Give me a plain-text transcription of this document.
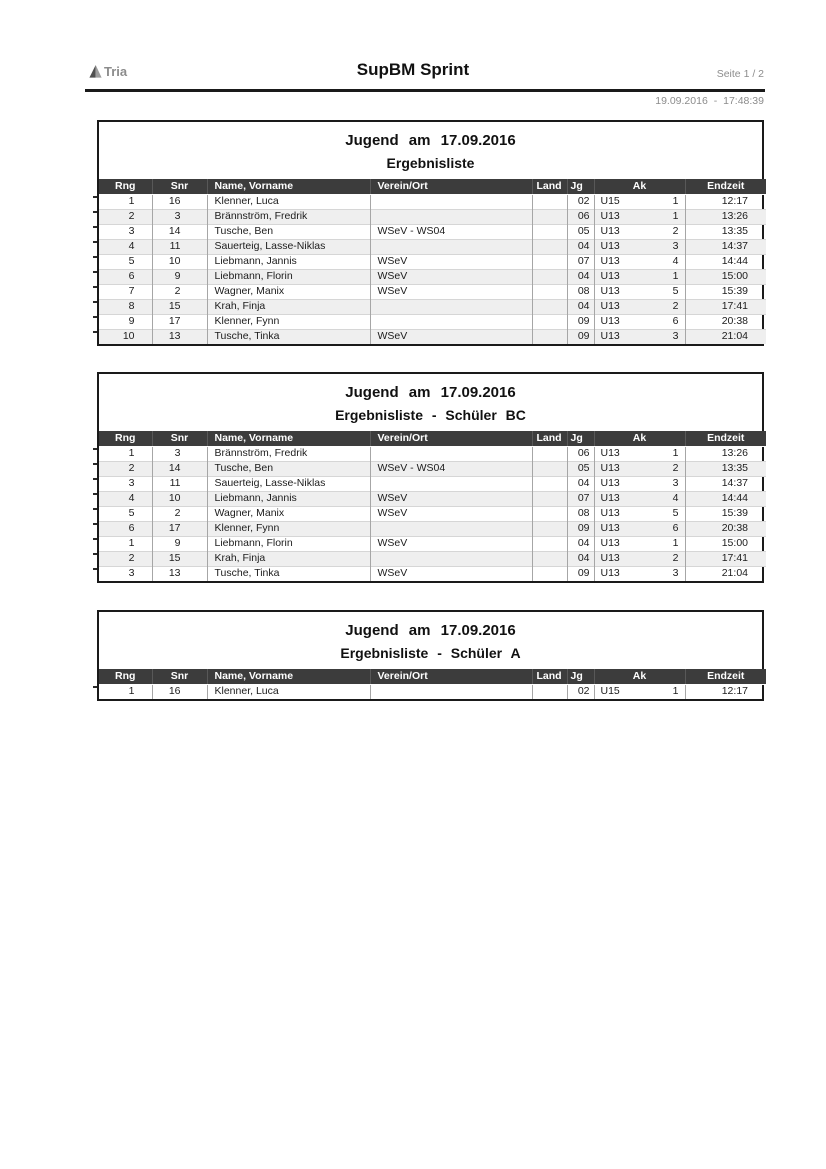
Tria	SupBM Sprint	Seite 1 / 2
19.09.2016 - 17:48:39
Jugend am 17.09.2016
Ergebnisliste
Rng	Snr	Name, Vorname	Verein/Ort	Land	Jg	Ak		Endzeit
1	16	Klenner, Luca			02	U15	1	12:17
2	3	Brännström, Fredrik			06	U13	1	13:26
3	14	Tusche, Ben	WSeV - WS04		05	U13	2	13:35
4	11	Sauerteig, Lasse-Niklas			04	U13	3	14:37
5	10	Liebmann, Jannis	WSeV		07	U13	4	14:44
6	9	Liebmann, Florin	WSeV		04	U13	1	15:00
7	2	Wagner, Manix	WSeV		08	U13	5	15:39
8	15	Krah, Finja			04	U13	2	17:41
9	17	Klenner, Fynn			09	U13	6	20:38
10	13	Tusche, Tinka	WSeV		09	U13	3	21:04
Jugend am 17.09.2016
Ergebnisliste - Schüler BC
Rng	Snr	Name, Vorname	Verein/Ort	Land	Jg	Ak		Endzeit
1	3	Brännström, Fredrik			06	U13	1	13:26
2	14	Tusche, Ben	WSeV - WS04		05	U13	2	13:35
3	11	Sauerteig, Lasse-Niklas			04	U13	3	14:37
4	10	Liebmann, Jannis	WSeV		07	U13	4	14:44
5	2	Wagner, Manix	WSeV		08	U13	5	15:39
6	17	Klenner, Fynn			09	U13	6	20:38
1	9	Liebmann, Florin	WSeV		04	U13	1	15:00
2	15	Krah, Finja			04	U13	2	17:41
3	13	Tusche, Tinka	WSeV		09	U13	3	21:04
Jugend am 17.09.2016
Ergebnisliste - Schüler A
Rng	Snr	Name, Vorname	Verein/Ort	Land	Jg	Ak		Endzeit
1	16	Klenner, Luca			02	U15	1	12:17
